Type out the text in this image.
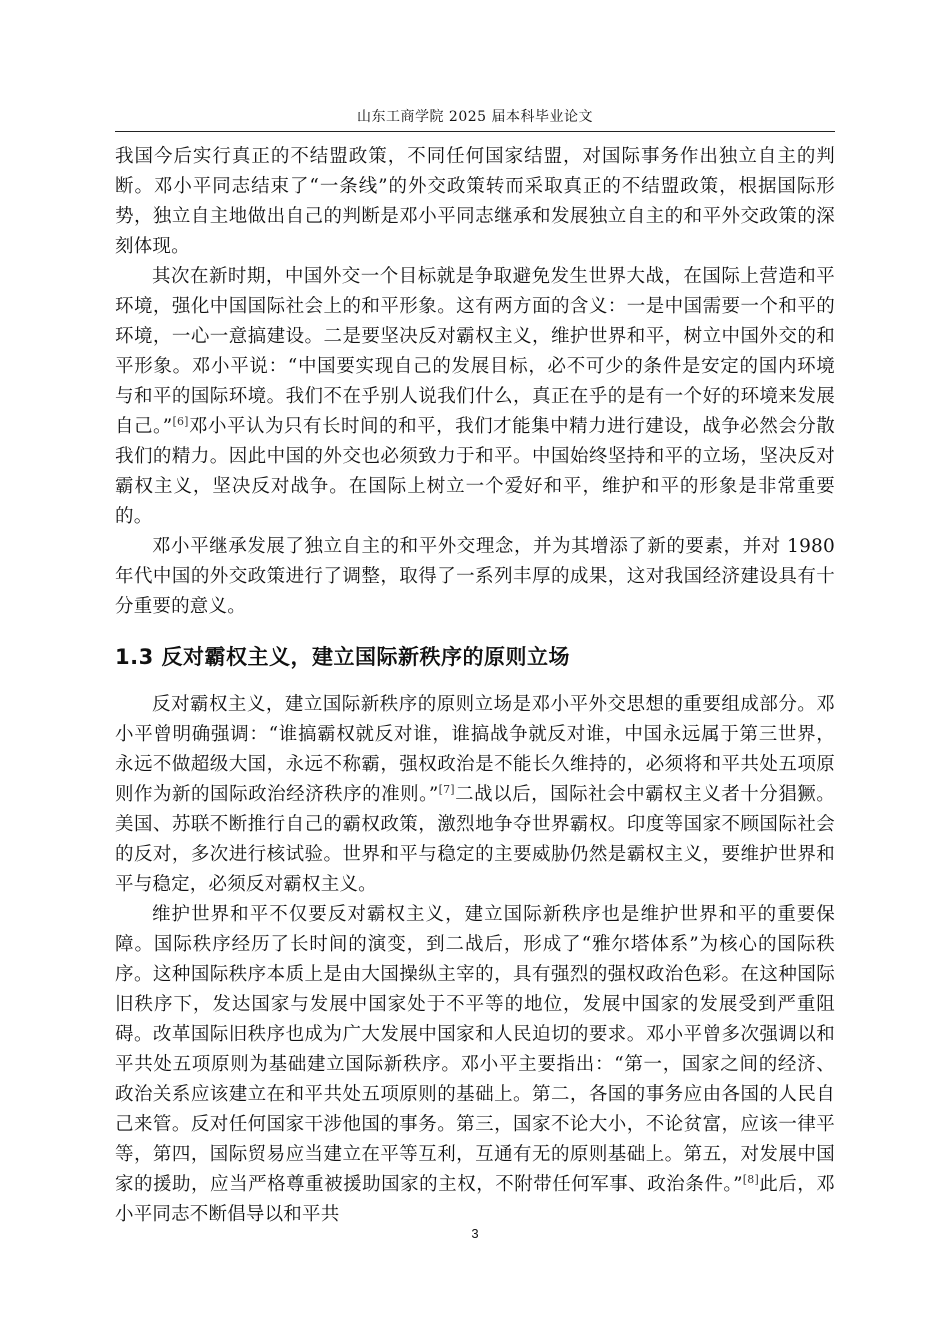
山东工商学院 2025 届本科毕业论文

我国今后实行真正的不结盟政策，不同任何国家结盟，对国际事务作出独立自主的判断。邓小平同志结束了“一条线”的外交政策转而采取真正的不结盟政策，根据国际形势，独立自主地做出自己的判断是邓小平同志继承和发展独立自主的和平外交政策的深刻体现。

其次在新时期，中国外交一个目标就是争取避免发生世界大战，在国际上营造和平环境，强化中国国际社会上的和平形象。这有两方面的含义：一是中国需要一个和平的环境，一心一意搞建设。二是要坚决反对霸权主义，维护世界和平，树立中国外交的和平形象。邓小平说：“中国要实现自己的发展目标，必不可少的条件是安定的国内环境与和平的国际环境。我们不在乎别人说我们什么，真正在乎的是有一个好的环境来发展自己。”[6]邓小平认为只有长时间的和平，我们才能集中精力进行建设，战争必然会分散我们的精力。因此中国的外交也必须致力于和平。中国始终坚持和平的立场，坚决反对霸权主义，坚决反对战争。在国际上树立一个爱好和平，维护和平的形象是非常重要的。

邓小平继承发展了独立自主的和平外交理念，并为其增添了新的要素，并对 1980 年代中国的外交政策进行了调整，取得了一系列丰厚的成果，这对我国经济建设具有十分重要的意义。

1.3 反对霸权主义，建立国际新秩序的原则立场

反对霸权主义，建立国际新秩序的原则立场是邓小平外交思想的重要组成部分。邓小平曾明确强调：“谁搞霸权就反对谁，谁搞战争就反对谁，中国永远属于第三世界，永远不做超级大国，永远不称霸，强权政治是不能长久维持的，必须将和平共处五项原则作为新的国际政治经济秩序的准则。”[7]二战以后，国际社会中霸权主义者十分猖獗。美国、苏联不断推行自己的霸权政策，激烈地争夺世界霸权。印度等国家不顾国际社会的反对，多次进行核试验。世界和平与稳定的主要威胁仍然是霸权主义，要维护世界和平与稳定，必须反对霸权主义。

维护世界和平不仅要反对霸权主义，建立国际新秩序也是维护世界和平的重要保障。国际秩序经历了长时间的演变，到二战后，形成了“雅尔塔体系”为核心的国际秩序。这种国际秩序本质上是由大国操纵主宰的，具有强烈的强权政治色彩。在这种国际旧秩序下，发达国家与发展中国家处于不平等的地位，发展中国家的发展受到严重阻碍。改革国际旧秩序也成为广大发展中国家和人民迫切的要求。邓小平曾多次强调以和平共处五项原则为基础建立国际新秩序。邓小平主要指出：“第一，国家之间的经济、政治关系应该建立在和平共处五项原则的基础上。第二，各国的事务应由各国的人民自己来管。反对任何国家干涉他国的事务。第三，国家不论大小，不论贫富，应该一律平等，第四，国际贸易应当建立在平等互利，互通有无的原则基础上。第五，对发展中国家的援助，应当严格尊重被援助国家的主权，不附带任何军事、政治条件。”[8]此后，邓小平同志不断倡导以和平共

3
